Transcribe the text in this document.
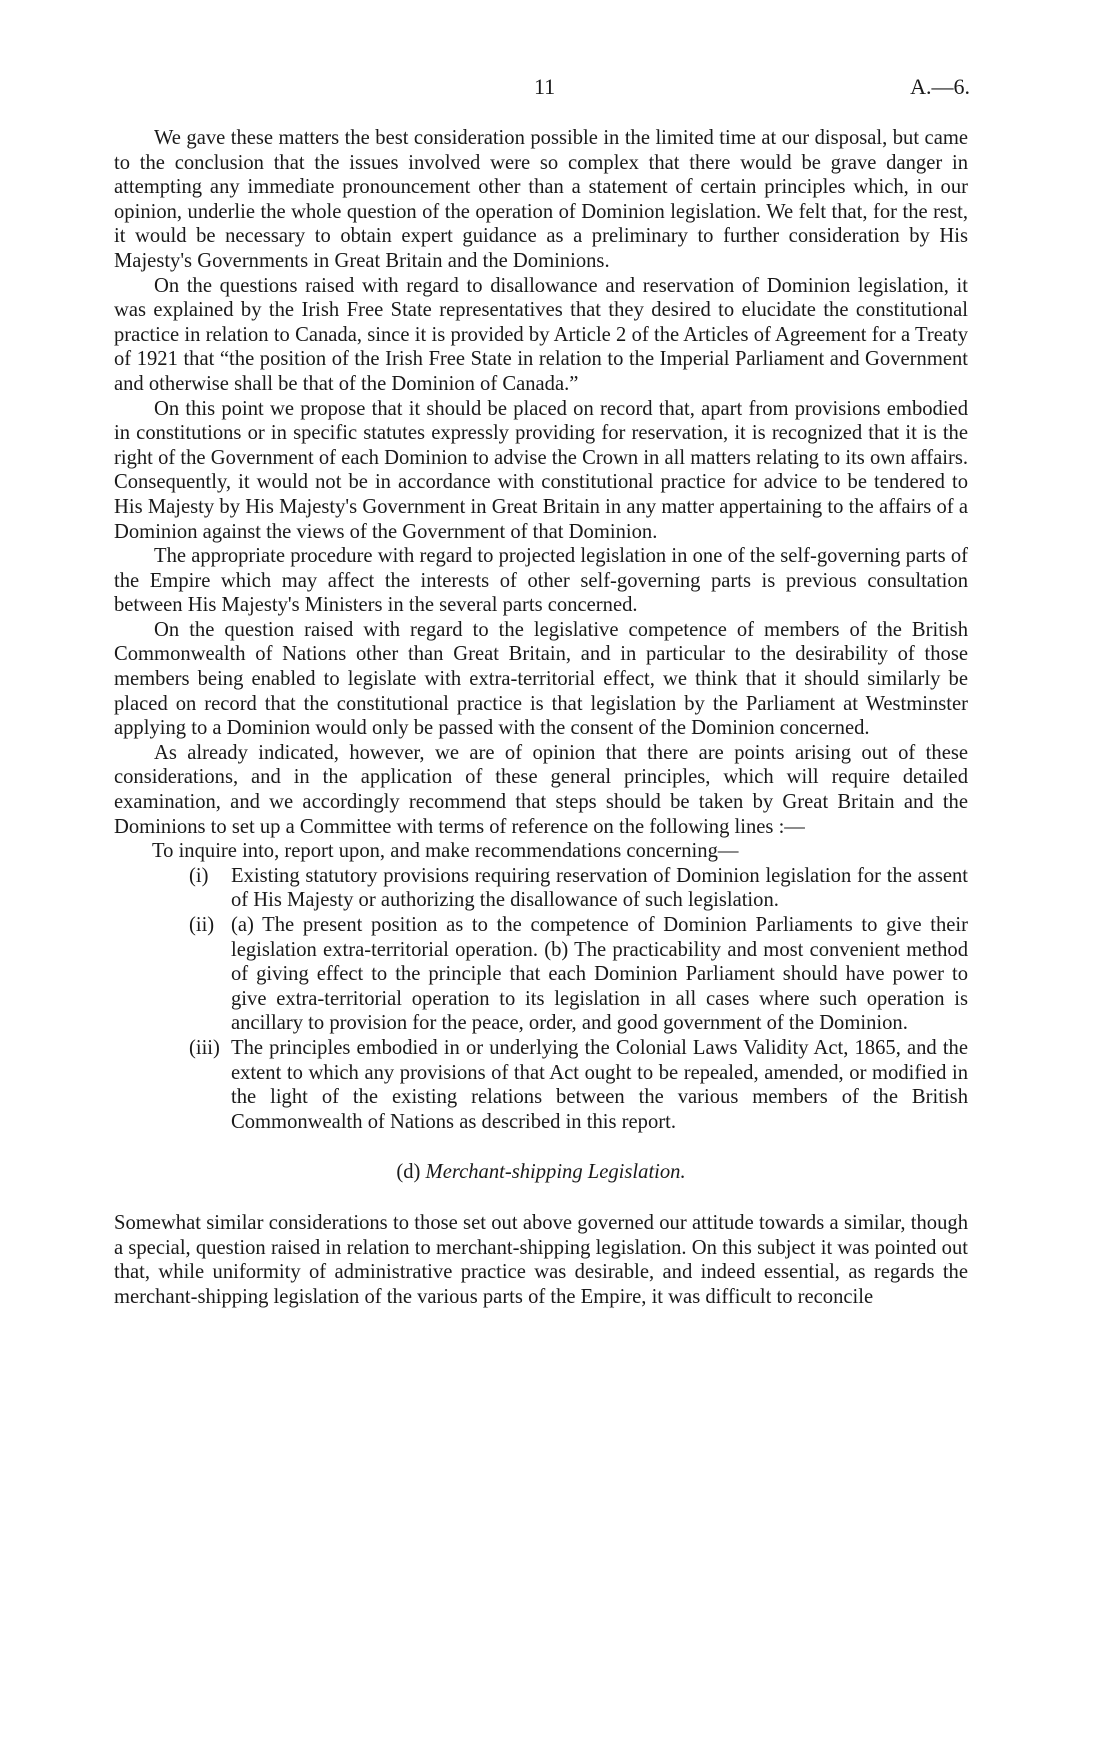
11	A.—6.

We gave these matters the best consideration possible in the limited time at our disposal, but came to the conclusion that the issues involved were so complex that there would be grave danger in attempting any immediate pronouncement other than a statement of certain principles which, in our opinion, underlie the whole question of the operation of Dominion legislation. We felt that, for the rest, it would be necessary to obtain expert guidance as a preliminary to further consideration by His Majesty's Governments in Great Britain and the Dominions.

On the questions raised with regard to disallowance and reservation of Dominion legislation, it was explained by the Irish Free State representatives that they desired to elucidate the constitutional practice in relation to Canada, since it is provided by Article 2 of the Articles of Agreement for a Treaty of 1921 that “the position of the Irish Free State in relation to the Imperial Parliament and Government and otherwise shall be that of the Dominion of Canada.”

On this point we propose that it should be placed on record that, apart from provisions embodied in constitutions or in specific statutes expressly providing for reservation, it is recognized that it is the right of the Government of each Dominion to advise the Crown in all matters relating to its own affairs. Consequently, it would not be in accordance with constitutional practice for advice to be tendered to His Majesty by His Majesty's Government in Great Britain in any matter appertaining to the affairs of a Dominion against the views of the Government of that Dominion.

The appropriate procedure with regard to projected legislation in one of the self-governing parts of the Empire which may affect the interests of other self-governing parts is previous consultation between His Majesty's Ministers in the several parts concerned.

On the question raised with regard to the legislative competence of members of the British Commonwealth of Nations other than Great Britain, and in particular to the desirability of those members being enabled to legislate with extra-territorial effect, we think that it should similarly be placed on record that the constitutional practice is that legislation by the Parliament at Westminster applying to a Dominion would only be passed with the consent of the Dominion concerned.

As already indicated, however, we are of opinion that there are points arising out of these considerations, and in the application of these general principles, which will require detailed examination, and we accordingly recommend that steps should be taken by Great Britain and the Dominions to set up a Committee with terms of reference on the following lines :—

To inquire into, report upon, and make recommendations concerning—

(i)	Existing statutory provisions requiring reservation of Dominion legislation for the assent of His Majesty or authorizing the disallowance of such legislation.
(ii) (a) The present position as to the competence of Dominion Parliaments to give their legislation extra-territorial operation. (b) The practicability and most convenient method of giving effect to the principle that each Dominion Parliament should have power to give extra-territorial operation to its legislation in all cases where such operation is ancillary to provision for the peace, order, and good government of the Dominion.
(iii) The principles embodied in or underlying the Colonial Laws Validity Act, 1865, and the extent to which any provisions of that Act ought to be repealed, amended, or modified in the light of the existing relations between the various members of the British Commonwealth of Nations as described in this report.

(d) Merchant-shipping Legislation.

Somewhat similar considerations to those set out above governed our attitude towards a similar, though a special, question raised in relation to merchant-shipping legislation. On this subject it was pointed out that, while uniformity of administrative practice was desirable, and indeed essential, as regards the merchant-shipping legislation of the various parts of the Empire, it was difficult to reconcile
